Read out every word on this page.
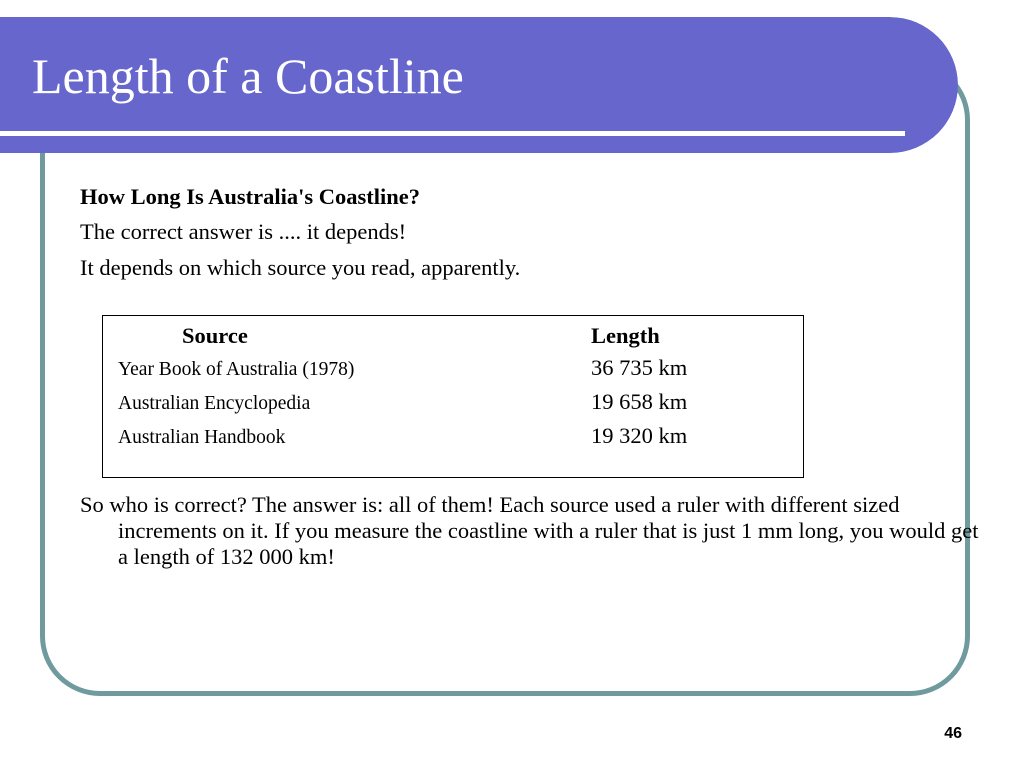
Length of a Coastline

How Long Is Australia's Coastline?

The correct answer is .... it depends!

It depends on which source you read, apparently.

Source	Length

Year Book of Australia (1978)	36 735 km
Australian Encyclopedia	19 658 km
Australian Handbook	19 320 km

So who is correct? The answer is: all of them! Each source used a ruler with different sized increments on it. If you measure the coastline with a ruler that is just 1 mm long, you would get a length of 132 000 km!

46
